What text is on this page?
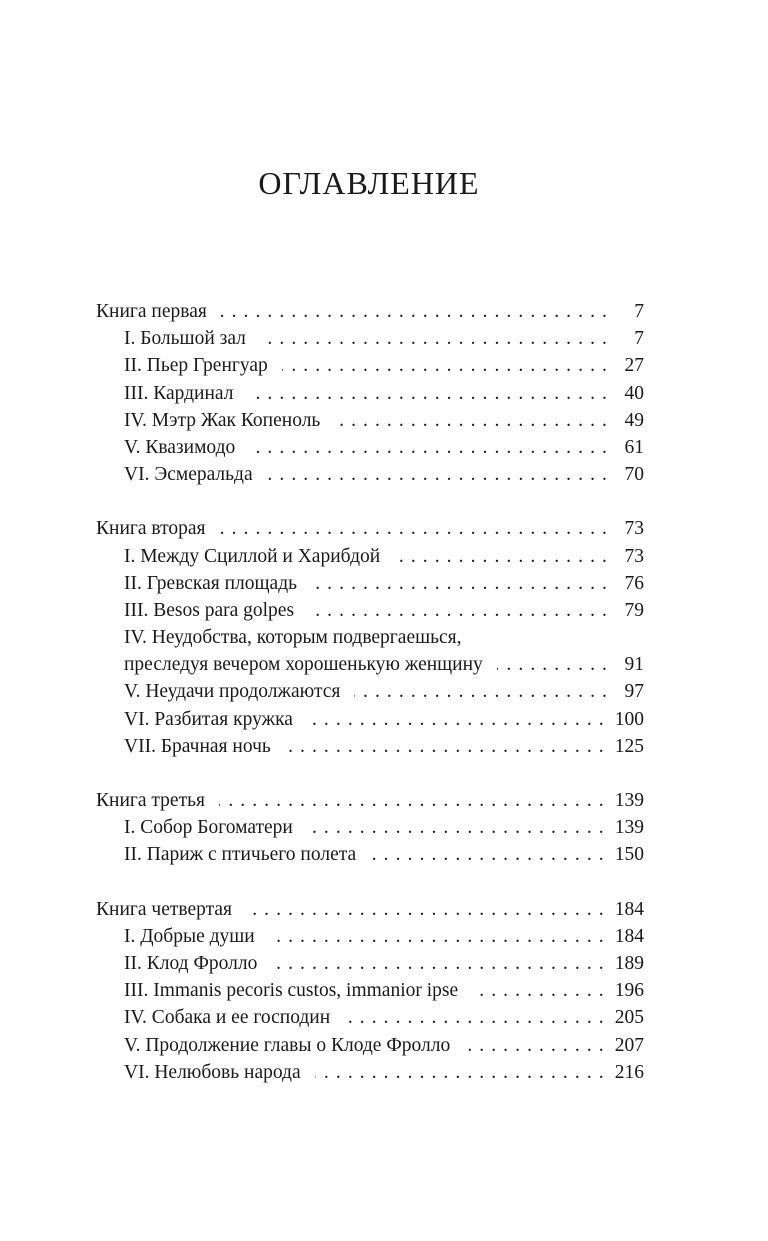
ОГЛАВЛЕНИЕ
Книга первая . . .	7
I. Большой зал . . .	7
II. Пьер Гренгуар . . .	27
III. Кардинал . . .	40
IV. Мэтр Жак Копеноль . . .	49
V. Квазимодо . . .	61
VI. Эсмеральда . . .	70
Книга вторая . . .	73
I. Между Сциллой и Харибдой . . .	73
II. Гревская площадь . . .	76
III. Besos para golpes . . .	79
IV. Неудобства, которым подвергаешься,
преследуя вечером хорошенькую женщину . . .	91
V. Неудачи продолжаются . . .	97
VI. Разбитая кружка . . .	100
VII. Брачная ночь . . .	125
Книга третья . . .	139
I. Собор Богоматери . . .	139
II. Париж с птичьего полета . . .	150
Книга четвертая . . .	184
I. Добрые души . . .	184
II. Клод Фролло . . .	189
III. Immanis pecoris custos, immanior ipse . . .	196
IV. Собака и ее господин . . .	205
V. Продолжение главы о Клоде Фролло . . .	207
VI. Нелюбовь народа . . .	216
